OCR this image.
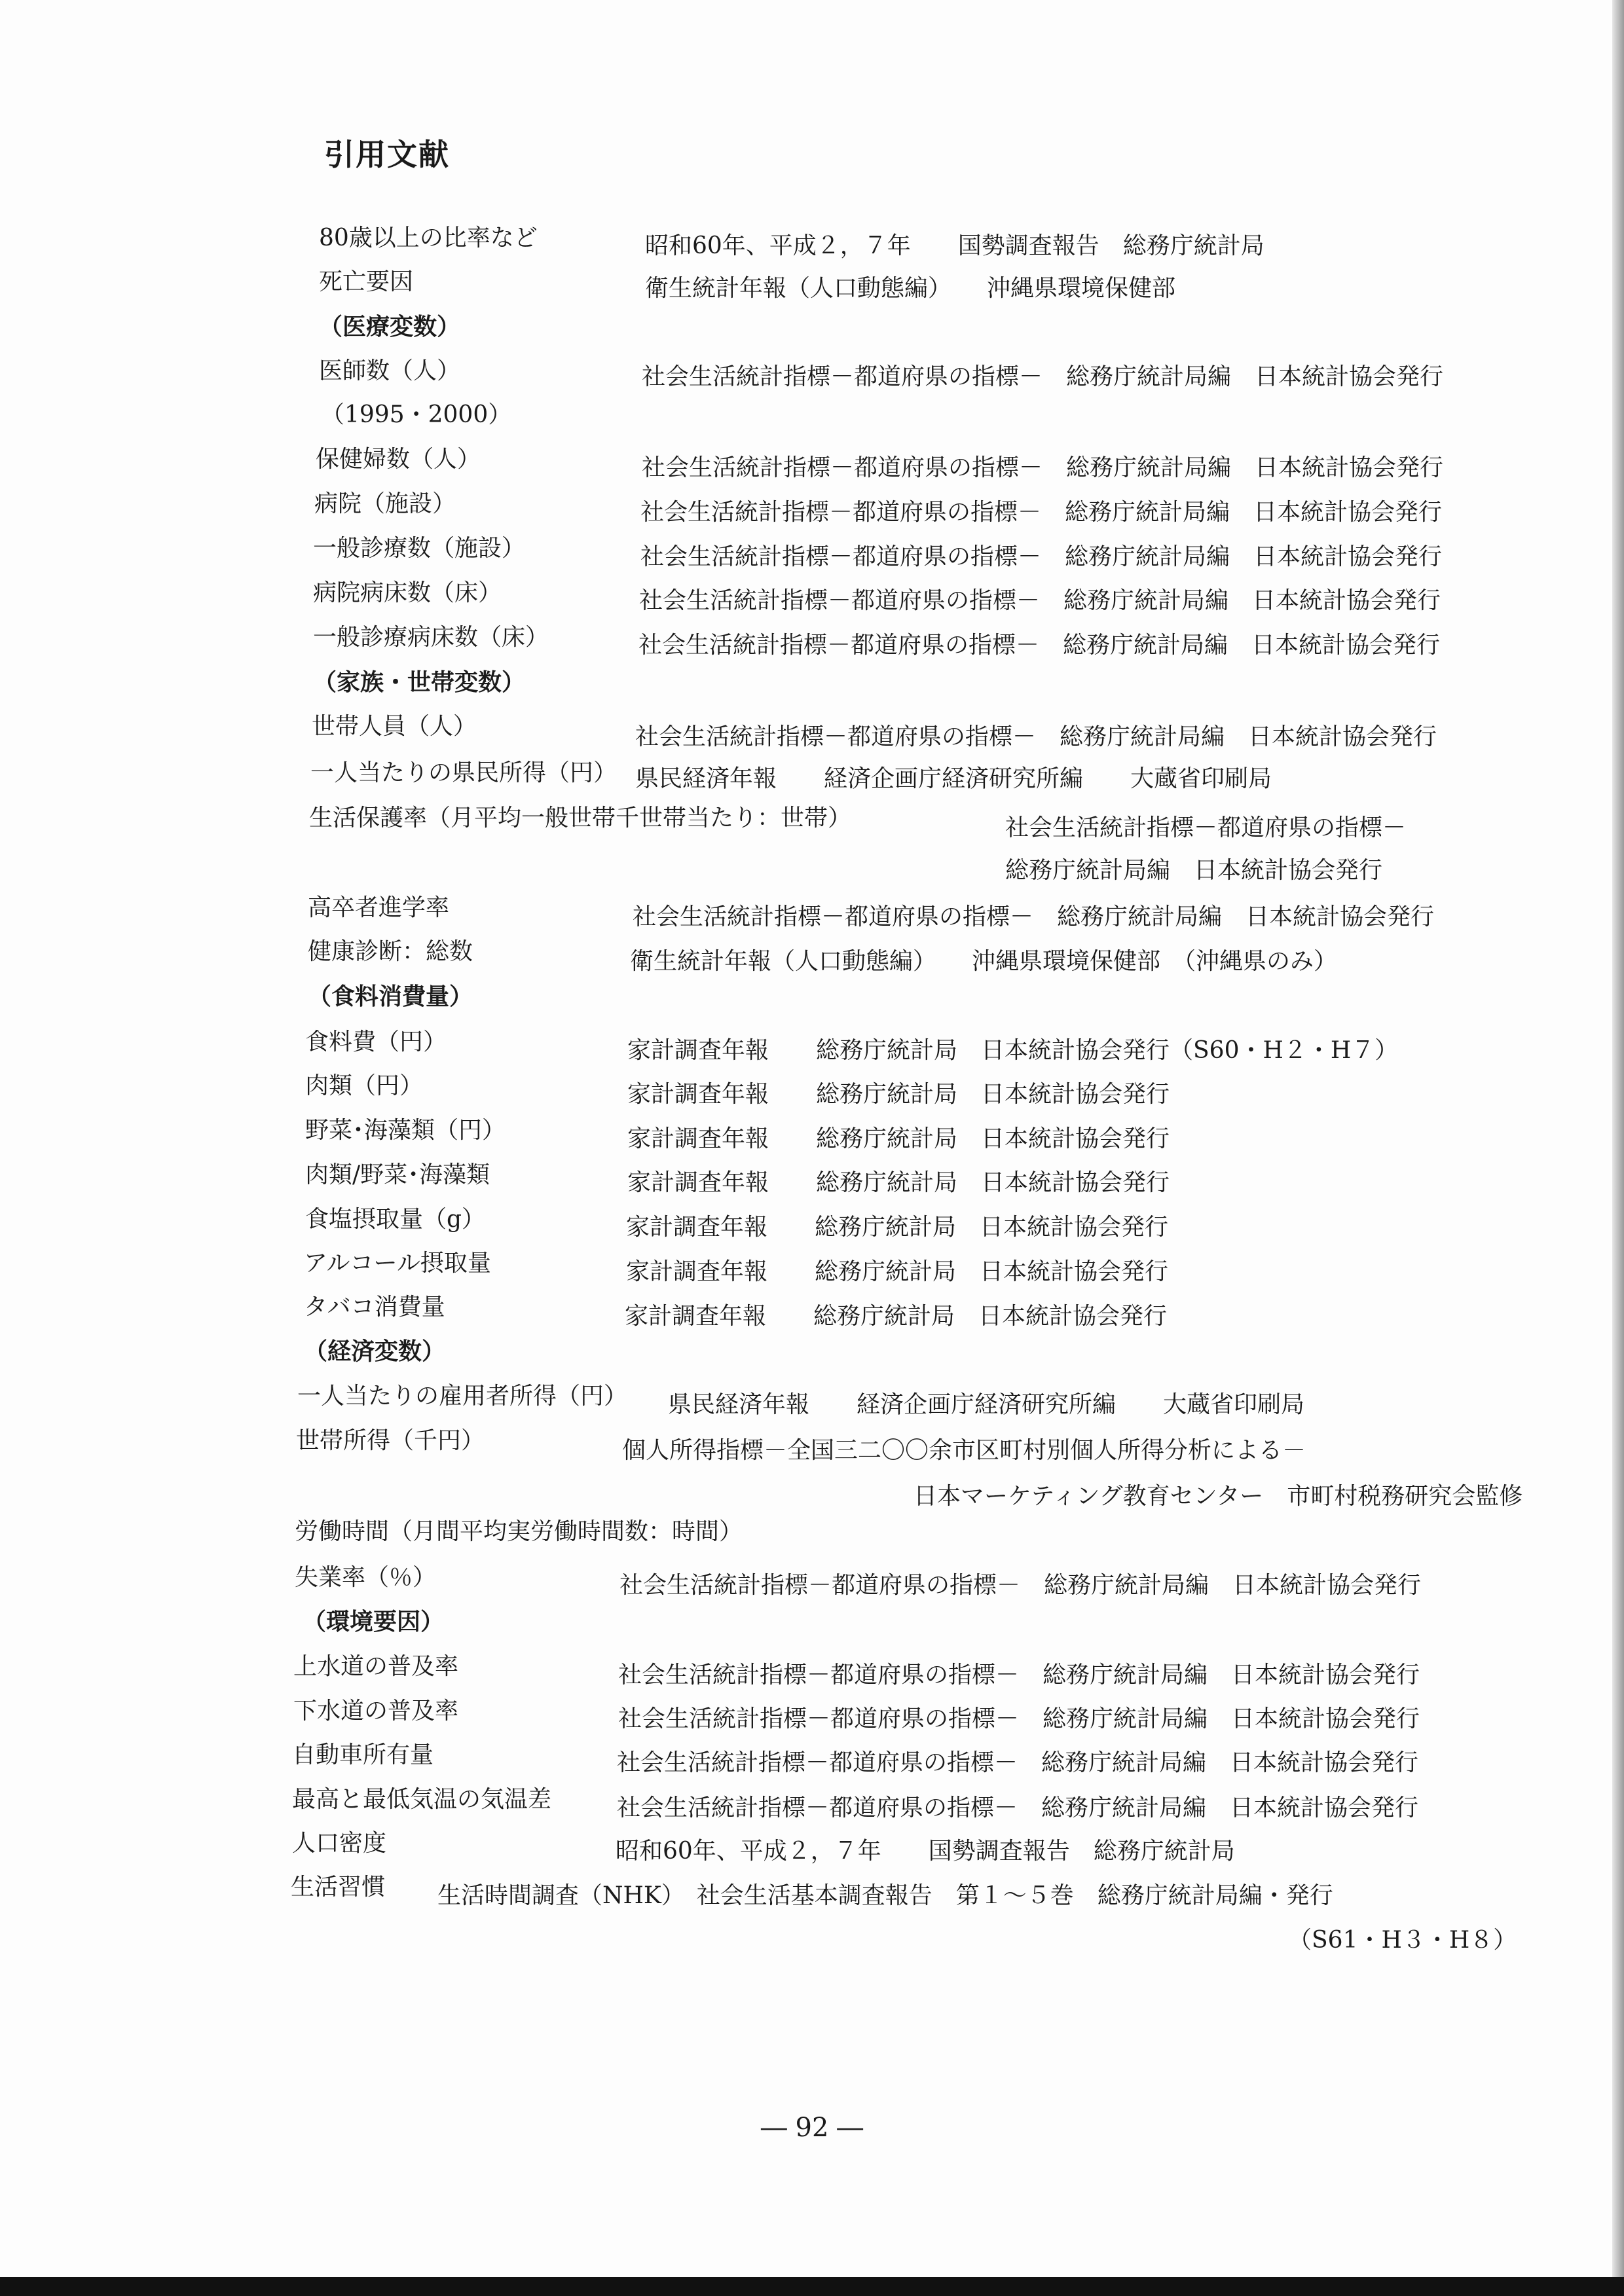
引用文献
80歳以上の比率など	昭和60年、平成２，７年　　国勢調査報告　総務庁統計局
死亡要因	衛生統計年報（人口動態編）　　沖縄県環境保健部
（医療変数）
医師数（人）	社会生活統計指標－都道府県の指標－　総務庁統計局編　日本統計協会発行
（1995・2000）
保健婦数（人）	社会生活統計指標－都道府県の指標－　総務庁統計局編　日本統計協会発行
病院（施設）	社会生活統計指標－都道府県の指標－　総務庁統計局編　日本統計協会発行
一般診療数（施設）	社会生活統計指標－都道府県の指標－　総務庁統計局編　日本統計協会発行
病院病床数（床）	社会生活統計指標－都道府県の指標－　総務庁統計局編　日本統計協会発行
一般診療病床数（床）	社会生活統計指標－都道府県の指標－　総務庁統計局編　日本統計協会発行
（家族・世帯変数）
世帯人員（人）	社会生活統計指標－都道府県の指標－　総務庁統計局編　日本統計協会発行
一人当たりの県民所得（円） 県民経済年報　　経済企画庁経済研究所編　　大蔵省印刷局
生活保護率（月平均一般世帯千世帯当たり：世帯）	社会生活統計指標－都道府県の指標－
総務庁統計局編　日本統計協会発行
高卒者進学率	社会生活統計指標－都道府県の指標－　総務庁統計局編　日本統計協会発行
健康診断：総数	衛生統計年報（人口動態編）　　沖縄県環境保健部　（沖縄県のみ）
（食料消費量）
食料費（円）	家計調査年報　　総務庁統計局　日本統計協会発行（S60・H２・H７）
肉類（円）	家計調査年報　　総務庁統計局　日本統計協会発行
野菜･海藻類（円）	家計調査年報　　総務庁統計局　日本統計協会発行
肉類/野菜･海藻類	家計調査年報　　総務庁統計局　日本統計協会発行
食塩摂取量（g）	家計調査年報　　総務庁統計局　日本統計協会発行
アルコール摂取量	家計調査年報　　総務庁統計局　日本統計協会発行
タバコ消費量	家計調査年報　　総務庁統計局　日本統計協会発行
（経済変数）
一人当たりの雇用者所得（円） 県民経済年報　　経済企画庁経済研究所編　　大蔵省印刷局
世帯所得（千円）	個人所得指標－全国三二〇〇余市区町村別個人所得分析による－
日本マーケティング教育センター　市町村税務研究会監修
労働時間（月間平均実労働時間数：時間）
失業率（％）	社会生活統計指標－都道府県の指標－　総務庁統計局編　日本統計協会発行
（環境要因）
上水道の普及率	社会生活統計指標－都道府県の指標－　総務庁統計局編　日本統計協会発行
下水道の普及率	社会生活統計指標－都道府県の指標－　総務庁統計局編　日本統計協会発行
自動車所有量	社会生活統計指標－都道府県の指標－　総務庁統計局編　日本統計協会発行
最高と最低気温の気温差	社会生活統計指標－都道府県の指標－　総務庁統計局編　日本統計協会発行
人口密度	昭和60年、平成２，７年　　国勢調査報告　総務庁統計局
生活習慣 生活時間調査（NHK）　社会生活基本調査報告　第１～５巻　総務庁統計局編・発行
（S61・H３・H８）
― 92 ―
